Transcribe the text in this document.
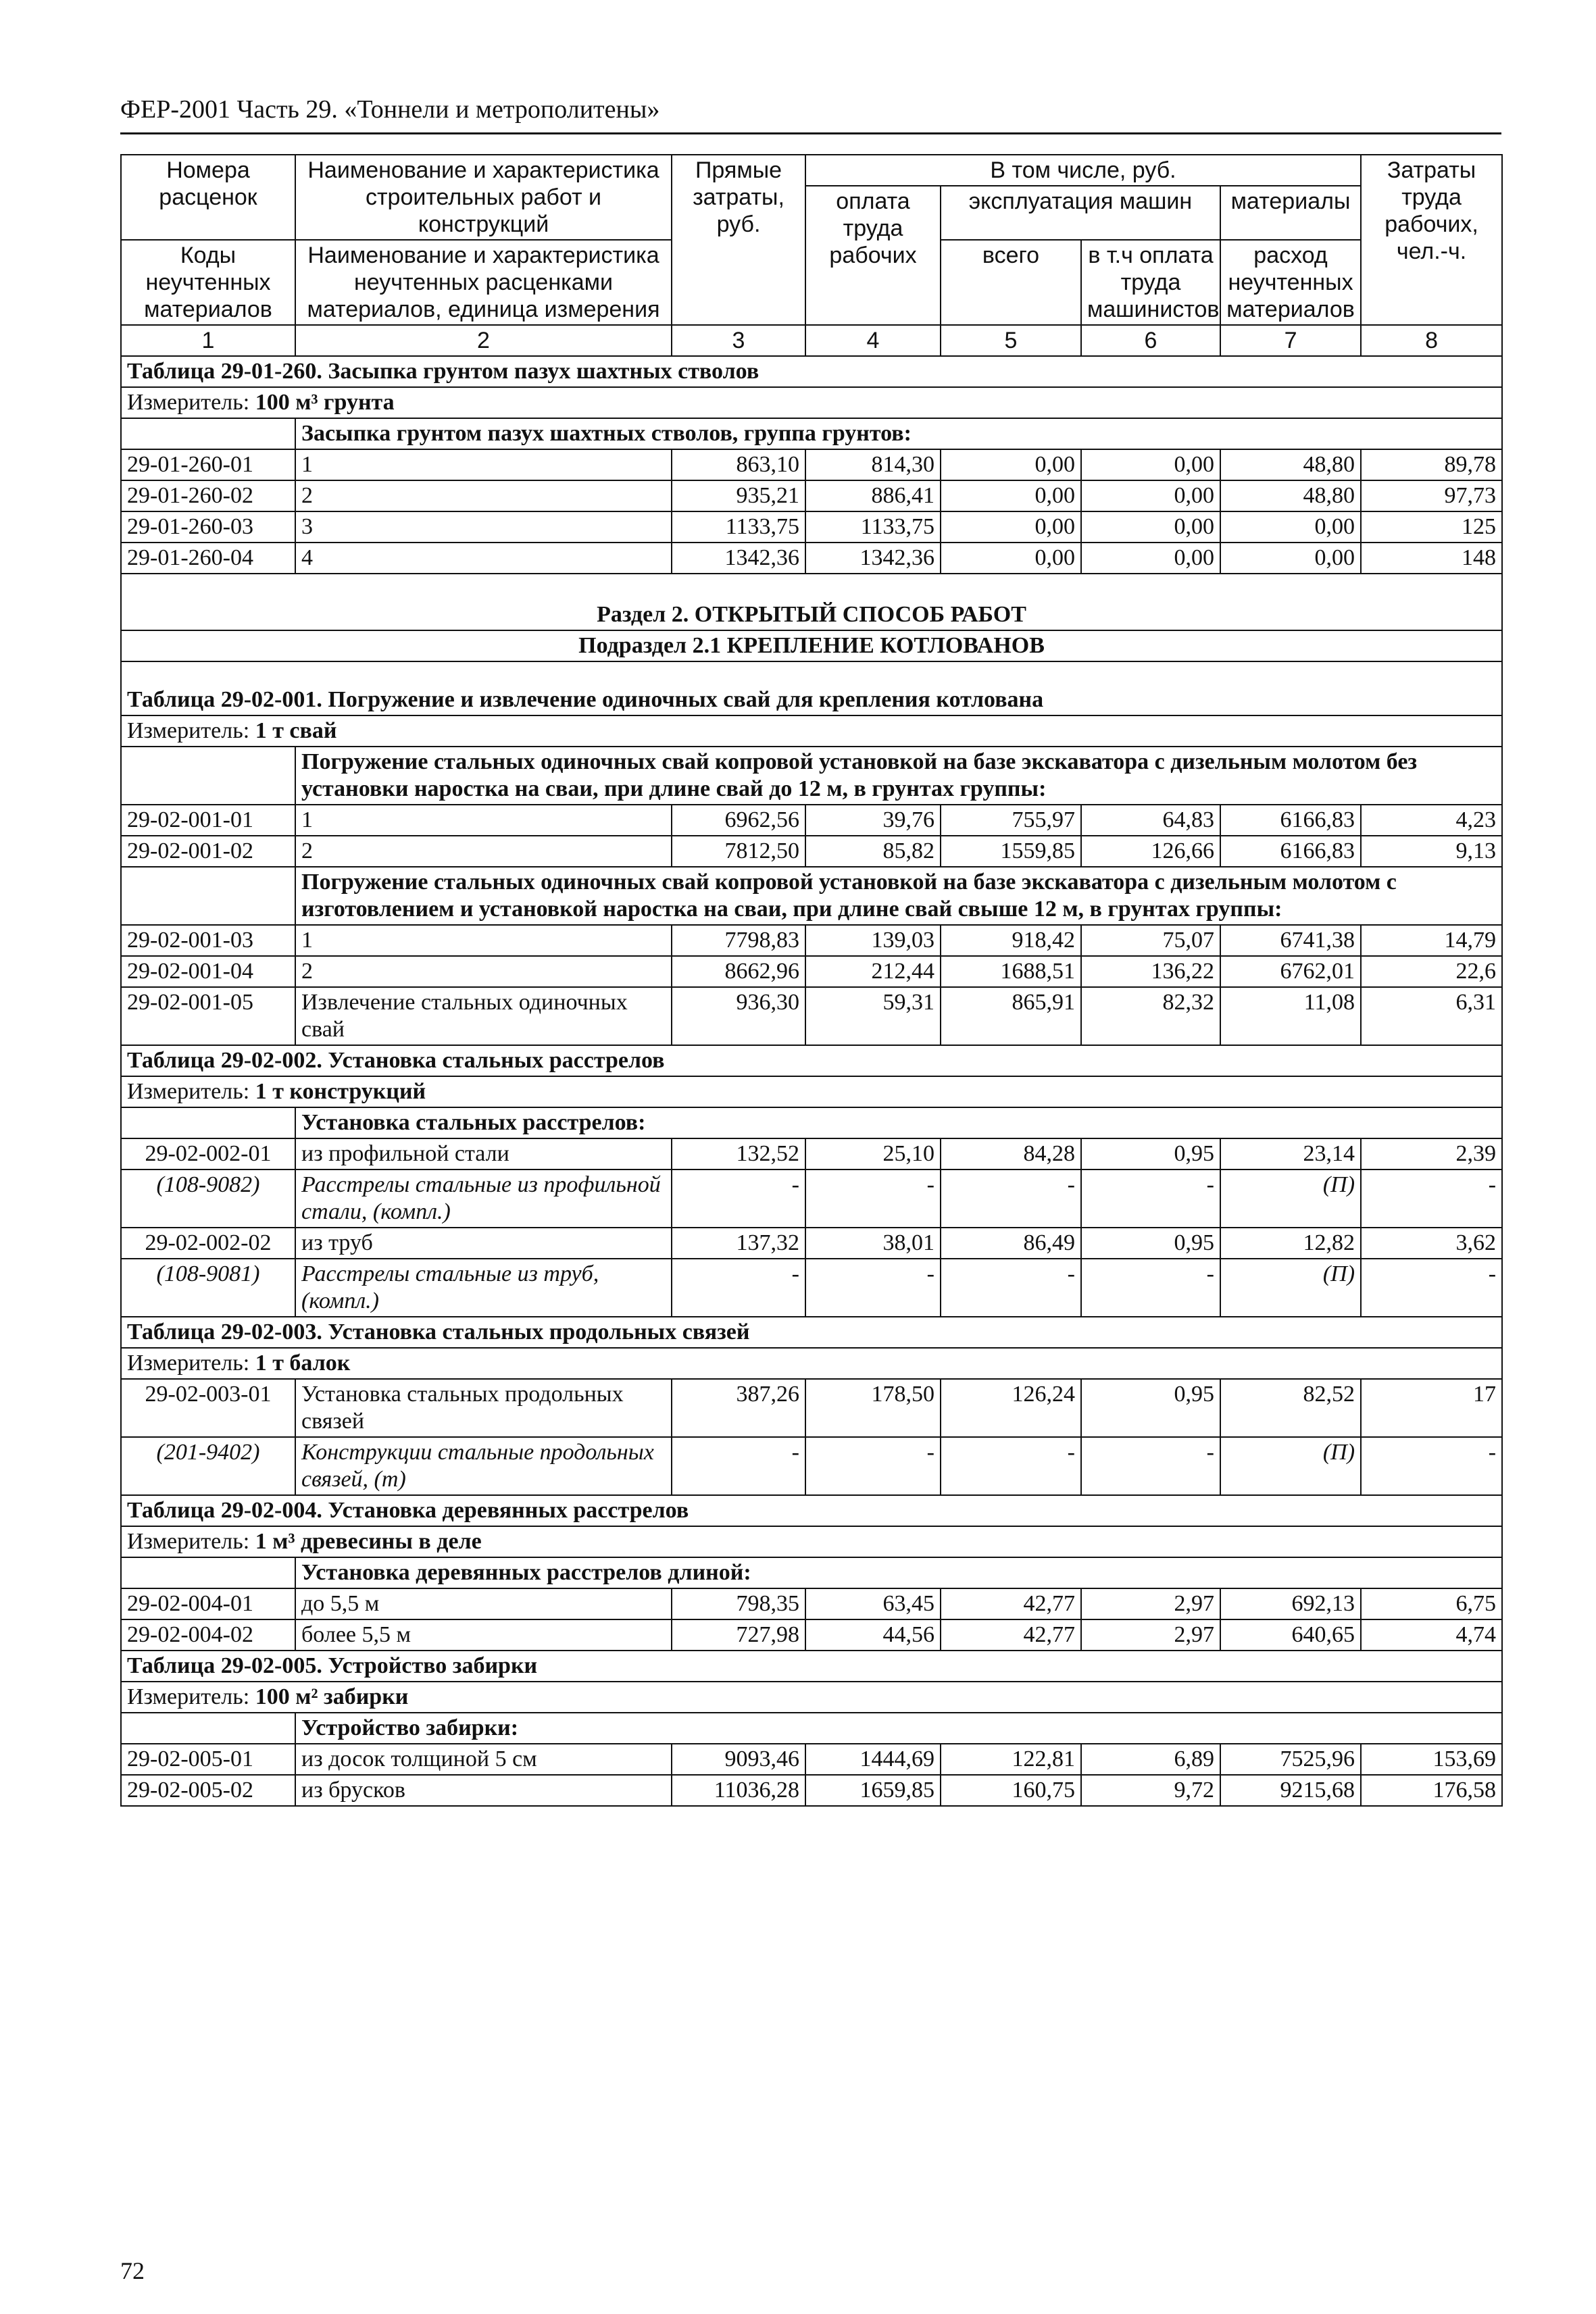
ФЕР-2001 Часть 29. «Тоннели и метрополитены»
Номера расценок	Наименование и характеристика строительных работ и конструкций	Прямые затраты, руб.	В том числе, руб.				Затраты труда рабочих, чел.-ч.
			оплата труда рабочих	эксплуатация машин		материалы	
Коды неучтенных материалов	Наименование и характеристика неучтенных расценками материалов, единица измерения			всего	в т.ч оплата труда машинистов	расход неучтенных материалов	

1	2	3	4	5	6	7	8
Таблица 29-01-260. Засыпка грунтом пазух шахтных стволов							
Измеритель: 100 м³ грунта							
	Засыпка грунтом пазух шахтных стволов, группа грунтов:						
29-01-260-01	1	863,10	814,30	0,00	0,00	48,80	89,78
29-01-260-02	2	935,21	886,41	0,00	0,00	48,80	97,73
29-01-260-03	3	1133,75	1133,75	0,00	0,00	0,00	125
29-01-260-04	4	1342,36	1342,36	0,00	0,00	0,00	148
Раздел 2. ОТКРЫТЫЙ СПОСОБ РАБОТ							
Подраздел 2.1 КРЕПЛЕНИЕ КОТЛОВАНОВ							
Таблица 29-02-001. Погружение и извлечение одиночных свай для крепления котлована							
Измеритель: 1 т свай							
	Погружение стальных одиночных свай копровой установкой на базе экскаватора с дизельным молотом без установки наростка на сваи, при длине свай до 12 м, в грунтах группы:						
29-02-001-01	1	6962,56	39,76	755,97	64,83	6166,83	4,23
29-02-001-02	2	7812,50	85,82	1559,85	126,66	6166,83	9,13
	Погружение стальных одиночных свай копровой установкой на базе экскаватора с дизельным молотом с изготовлением и установкой наростка на сваи, при длине свай свыше 12 м, в грунтах группы:						
29-02-001-03	1	7798,83	139,03	918,42	75,07	6741,38	14,79
29-02-001-04	2	8662,96	212,44	1688,51	136,22	6762,01	22,6
29-02-001-05	Извлечение стальных одиночных свай	936,30	59,31	865,91	82,32	11,08	6,31
Таблица 29-02-002. Установка стальных расстрелов							
Измеритель: 1 т конструкций							
	Установка стальных расстрелов:						
29-02-002-01	из профильной стали	132,52	25,10	84,28	0,95	23,14	2,39
(108-9082)	Расстрелы стальные из профильной стали, (компл.)	-	-	-	-	(П)	-
29-02-002-02	из труб	137,32	38,01	86,49	0,95	12,82	3,62
(108-9081)	Расстрелы стальные из труб, (компл.)	-	-	-	-	(П)	-
Таблица 29-02-003. Установка стальных продольных связей							
Измеритель: 1 т балок							
29-02-003-01	Установка стальных продольных связей	387,26	178,50	126,24	0,95	82,52	17
(201-9402)	Конструкции стальные продольных связей, (т)	-	-	-	-	(П)	-
Таблица 29-02-004. Установка деревянных расстрелов							
Измеритель: 1 м³ древесины в деле							
	Установка деревянных расстрелов длиной:						
29-02-004-01	до 5,5 м	798,35	63,45	42,77	2,97	692,13	6,75
29-02-004-02	более 5,5 м	727,98	44,56	42,77	2,97	640,65	4,74
Таблица 29-02-005. Устройство забирки							
Измеритель: 100 м² забирки							
	Устройство забирки:						
29-02-005-01	из досок толщиной 5 см	9093,46	1444,69	122,81	6,89	7525,96	153,69
29-02-005-02	из брусков	11036,28	1659,85	160,75	9,72	9215,68	176,58
72
